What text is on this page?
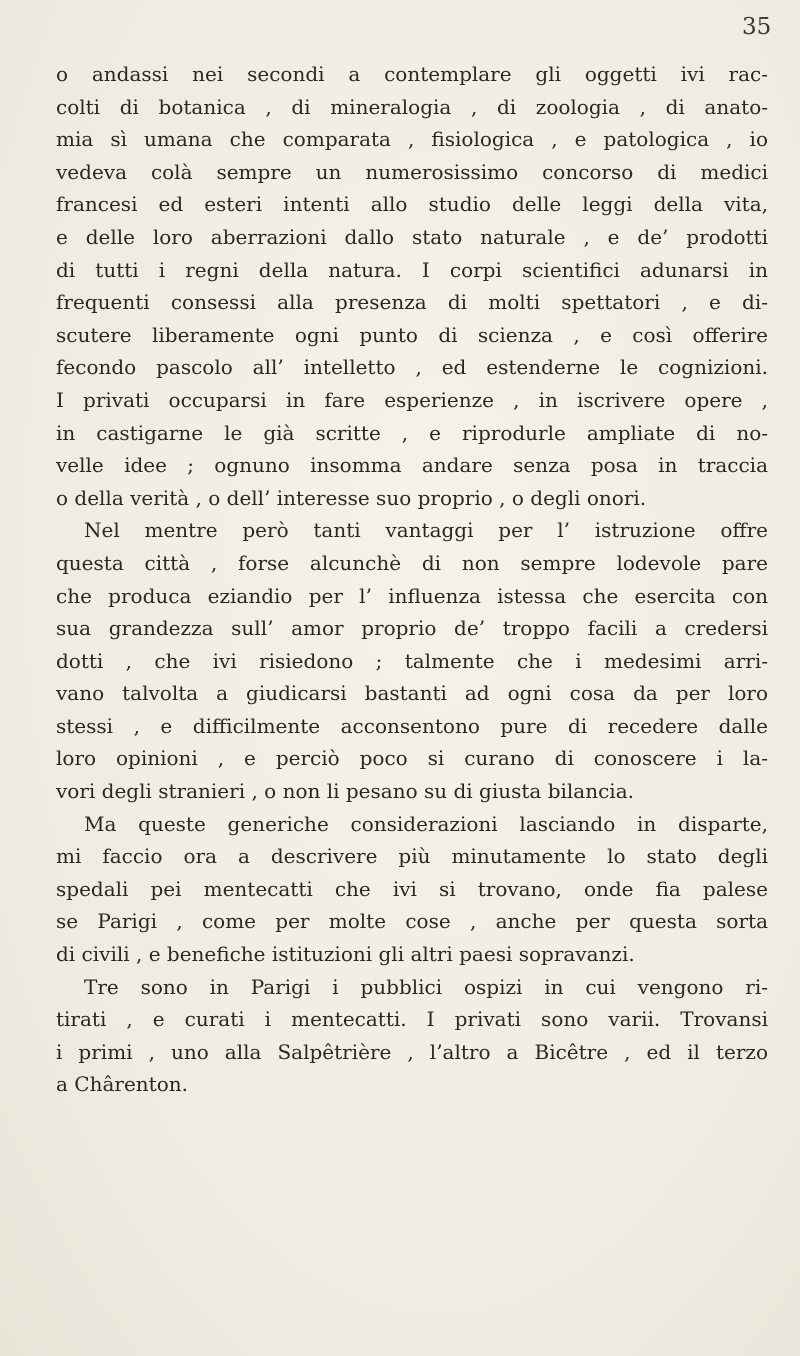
35
o andassi nei secondi a contemplare gli oggetti ivi rac-
colti di botanica , di mineralogia , di zoologia , di anato-
mia sì umana che comparata , fisiologica , e patologica , io
vedeva colà sempre un numerosissimo concorso di medici
francesi ed esteri intenti allo studio delle leggi della vita,
e delle loro aberrazioni dallo stato naturale , e de’ prodotti
di tutti i regni della natura. I corpi scientifici adunarsi in
frequenti consessi alla presenza di molti spettatori , e di-
scutere liberamente ogni punto di scienza , e così offerire
fecondo pascolo all’ intelletto , ed estenderne le cognizioni.
I privati occuparsi in fare esperienze , in iscrivere opere ,
in castigarne le già scritte , e riprodurle ampliate di no-
velle idee ; ognuno insomma andare senza posa in traccia
o della verità , o dell’ interesse suo proprio , o degli onori.
Nel mentre però tanti vantaggi per l’ istruzione offre
questa città , forse alcunchè di non sempre lodevole pare
che produca eziandio per l’ influenza istessa che esercita con
sua grandezza sull’ amor proprio de’ troppo facili a credersi
dotti , che ivi risiedono ; talmente che i medesimi arri-
vano talvolta a giudicarsi bastanti ad ogni cosa da per loro
stessi , e difficilmente acconsentono pure di recedere dalle
loro opinioni , e perciò poco si curano di conoscere i la-
vori degli stranieri , o non li pesano su di giusta bilancia.
Ma queste generiche considerazioni lasciando in disparte,
mi faccio ora a descrivere più minutamente lo stato degli
spedali pei mentecatti che ivi si trovano, onde fia palese
se Parigi , come per molte cose , anche per questa sorta
di civili , e benefiche istituzioni gli altri paesi sopravanzi.
Tre sono in Parigi i pubblici ospizi in cui vengono ri-
tirati , e curati i mentecatti. I privati sono varii. Trovansi
i primi , uno alla Salpêtrière , l’altro a Bicêtre , ed il terzo
a Chârenton.
